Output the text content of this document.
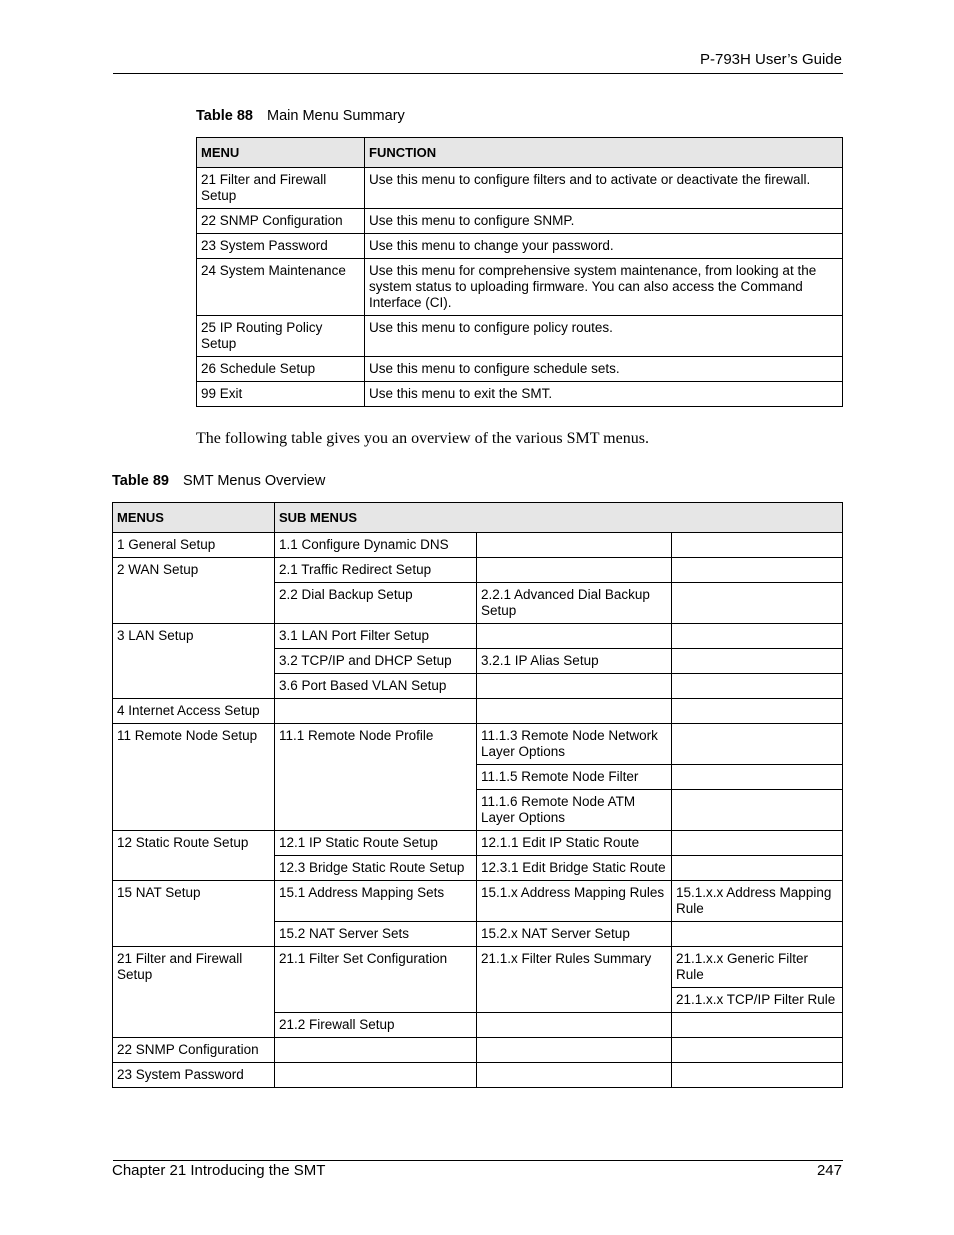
P-793H User’s Guide
Table 88 Main Menu Summary
MENU	FUNCTION
21 Filter and Firewall Setup	Use this menu to configure filters and to activate or deactivate the firewall.
22 SNMP Configuration	Use this menu to configure SNMP.
23 System Password	Use this menu to change your password.
24 System Maintenance	Use this menu for comprehensive system maintenance, from looking at the system status to uploading firmware. You can also access the Command Interface (CI).
25 IP Routing Policy Setup	Use this menu to configure policy routes.
26 Schedule Setup	Use this menu to configure schedule sets.
99 Exit	Use this menu to exit the SMT.
The following table gives you an overview of the various SMT menus.
Table 89 SMT Menus Overview
MENUS	SUB MENUS		
1 General Setup	1.1 Configure Dynamic DNS		
2 WAN Setup	2.1 Traffic Redirect Setup		
	2.2 Dial Backup Setup	2.2.1 Advanced Dial Backup Setup	
3 LAN Setup	3.1 LAN Port Filter Setup		
	3.2 TCP/IP and DHCP Setup	3.2.1 IP Alias Setup	
	3.6 Port Based VLAN Setup		
4 Internet Access Setup			
11 Remote Node Setup	11.1 Remote Node Profile	11.1.3 Remote Node Network Layer Options	
		11.1.5 Remote Node Filter	
		11.1.6 Remote Node ATM Layer Options	
12 Static Route Setup	12.1 IP Static Route Setup	12.1.1 Edit IP Static Route	
	12.3 Bridge Static Route Setup	12.3.1 Edit Bridge Static Route	
15 NAT Setup	15.1 Address Mapping Sets	15.1.x Address Mapping Rules	15.1.x.x Address Mapping Rule
	15.2 NAT Server Sets	15.2.x NAT Server Setup	
21 Filter and Firewall Setup	21.1 Filter Set Configuration	21.1.x Filter Rules Summary	21.1.x.x Generic Filter Rule
			21.1.x.x TCP/IP Filter Rule
	21.2 Firewall Setup		
22 SNMP Configuration			
23 System Password			
Chapter 21 Introducing the SMT	247
